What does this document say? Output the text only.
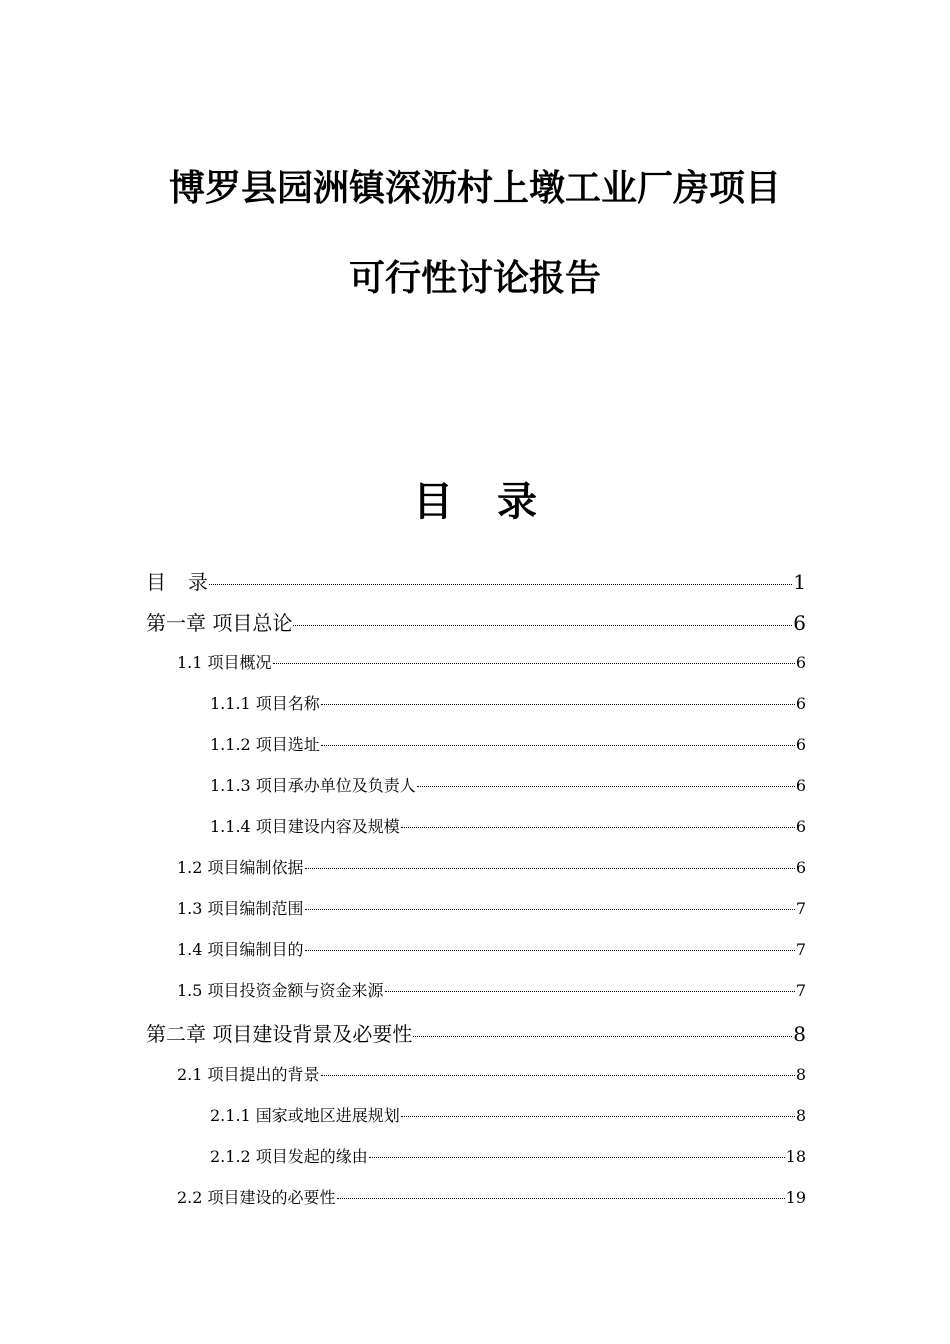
博罗县园洲镇深沥村上墩工业厂房项目
可行性讨论报告
目 录
目 录	1
第一章 项目总论	6
1.1 项目概况	6
1.1.1 项目名称	6
1.1.2 项目选址	6
1.1.3 项目承办单位及负责人	6
1.1.4 项目建设内容及规模	6
1.2 项目编制依据	6
1.3 项目编制范围	7
1.4 项目编制目的	7
1.5 项目投资金额与资金来源	7
第二章 项目建设背景及必要性	8
2.1 项目提出的背景	8
2.1.1 国家或地区进展规划	8
2.1.2 项目发起的缘由	18
2.2 项目建设的必要性	19
